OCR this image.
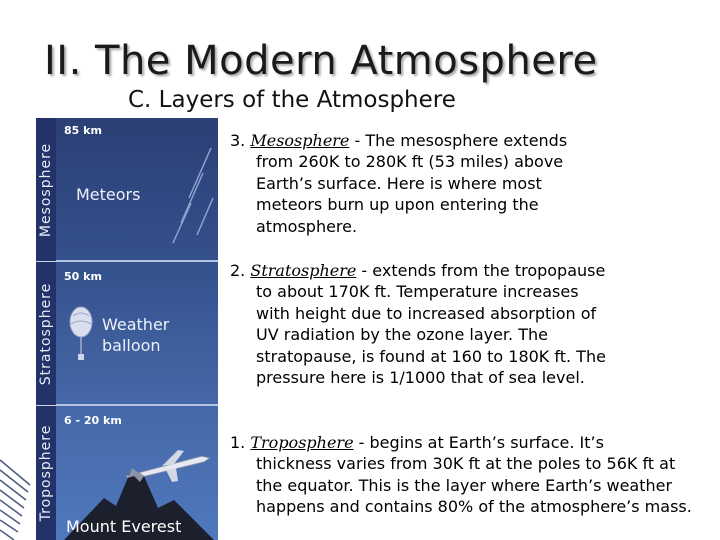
II. The Modern Atmosphere
C. Layers of the Atmosphere
Mesosphere
Stratosphere
Troposphere
85 km
Meteors
50 km
Weather
balloon
6 - 20 km
Mount Everest
3. Mesosphere - The mesosphere extends
from 260K to 280K ft (53 miles) above Earth’s surface. Here is where most meteors burn up upon entering the atmosphere.
2. Stratosphere - extends from the tropopause
to about 170K ft. Temperature increases with height due to increased absorption of UV radiation by the ozone layer. The stratopause, is found at 160 to 180K ft. The pressure here is 1/1000 that of sea level.
1. Troposphere - begins at Earth’s surface. It’s
thickness varies from 30K ft at the poles to 56K ft at the equator. This is the layer where Earth’s weather happens and contains 80% of the atmosphere’s mass.
